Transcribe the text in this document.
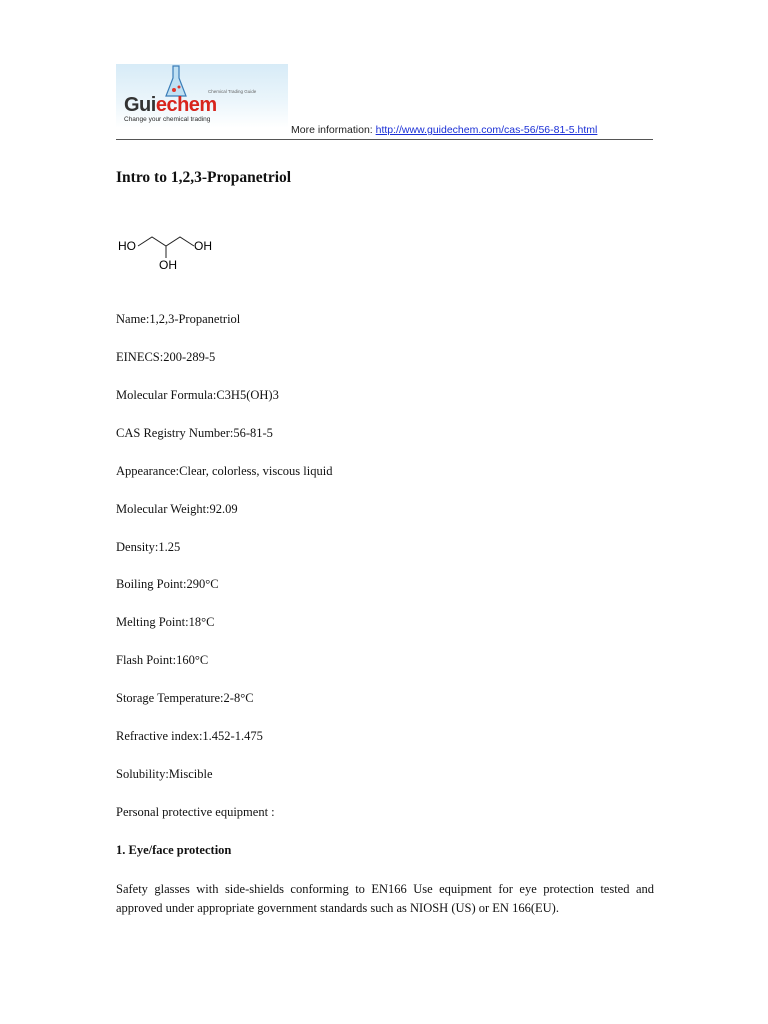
Chemical Trading Guide
Guiechem
Change your chemical trading
More information: http://www.guidechem.com/cas-56/56-81-5.html
Intro to 1,2,3-Propanetriol
HO	OH
OH

Name:1,2,3-Propanetriol

EINECS:200-289-5

Molecular Formula:C3H5(OH)3

CAS Registry Number:56-81-5

Appearance:Clear, colorless, viscous liquid

Molecular Weight:92.09

Density:1.25

Boiling Point:290°C

Melting Point:18°C

Flash Point:160°C

Storage Temperature:2-8°C

Refractive index:1.452-1.475

Solubility:Miscible

Personal protective equipment :

1. Eye/face protection

Safety glasses with side-shields conforming to EN166 Use equipment for eye protection tested and approved under appropriate government standards such as NIOSH (US) or EN 166(EU).
